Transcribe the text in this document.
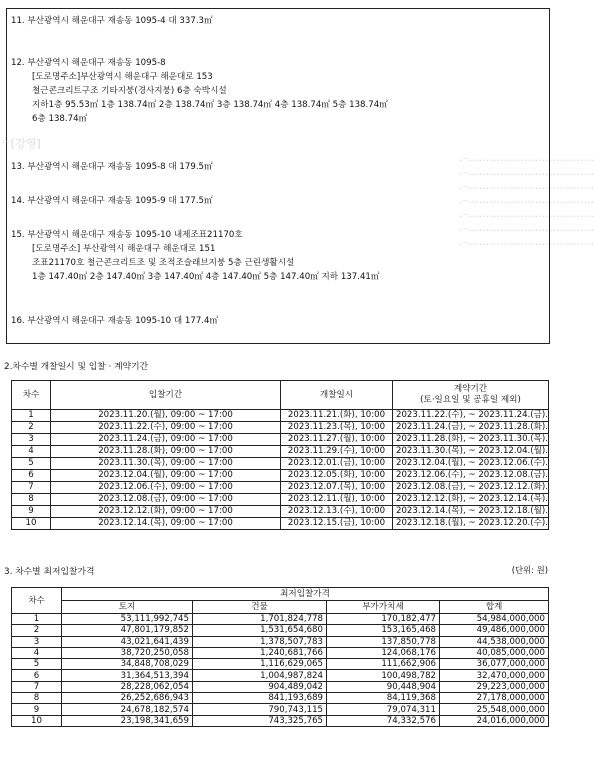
11. 부산광역시 해운대구 재송동 1095-4 대 337.3㎡
12. 부산광역시 해운대구 재송동 1095-8
[도로명주소]부산광역시 해운대구 해운대로 153
철근콘크리트구조 기타지붕(경사지붕) 6층 숙박시설
지하1층 95.53㎡ 1층 138.74㎡ 2층 138.74㎡ 3층 138.74㎡ 4층 138.74㎡ 5층 138.74㎡
6층 138.74㎡
13. 부산광역시 해운대구 재송동 1095-8 대 179.5㎡
14. 부산광역시 해운대구 재송동 1095-9 대 177.5㎡
15. 부산광역시 해운대구 재송동 1095-10 내제조표21170호
[도로명주소] 부산광역시 해운대구 해운대로 151
조표21170호 철근콘크리트조 및 조적조슬래브지붕 5층 근린생활시설
1층 147.40㎡ 2층 147.40㎡ 3층 147.40㎡ 4층 147.40㎡ 5층 147.40㎡ 지하 137.41㎡
16. 부산광역시 해운대구 재송동 1095-10 대 177.4㎡
⁻[강영]
·⁻····································
·⁻····································
·⁻····································
·⁻····································
·⁻····································
·⁻····································
·⁻····································
2.차수별 개찰일시 및 입찰 · 계약기간
차수	입찰기간	개찰일시	계약기간
(토·일요일 및 공휴일 제외)
1	2023.11.20.(월), 09:00 ~ 17:00	2023.11.21.(화), 10:00	2023.11.22.(수), ~ 2023.11.24.(금).
2	2023.11.22.(수), 09:00 ~ 17:00	2023.11.23.(목), 10:00	2023.11.24.(금), ~ 2023.11.28.(화).
3	2023.11.24.(금), 09:00 ~ 17:00	2023.11.27.(월), 10:00	2023.11.28.(화), ~ 2023.11.30.(목).
4	2023.11.28.(화), 09:00 ~ 17:00	2023.11.29.(수), 10:00	2023.11.30.(목), ~ 2023.12.04.(월).
5	2023.11.30.(목), 09:00 ~ 17:00	2023.12.01.(금), 10:00	2023.12.04.(월), ~ 2023.12.06.(수).
6	2023.12.04.(월), 09:00 ~ 17:00	2023.12.05.(화), 10:00	2023.12.06.(수), ~ 2023.12.08.(금).
7	2023.12.06.(수), 09:00 ~ 17:00	2023.12.07.(목), 10:00	2023.12.08.(금), ~ 2023.12.12.(화).
8	2023.12.08.(금), 09:00 ~ 17:00	2023.12.11.(월), 10:00	2023.12.12.(화), ~ 2023.12.14.(목).
9	2023.12.12.(화), 09:00 ~ 17:00	2023.12.13.(수), 10:00	2023.12.14.(목), ~ 2023.12.18.(월).
10	2023.12.14.(목), 09:00 ~ 17:00	2023.12.15.(금), 10:00	2023.12.18.(월), ~ 2023.12.20.(수).
3. 차수별 최저입찰가격	(단위: 원)
차수	최저입찰가격			
	토지	건물	부가가치세	합계
1	53,111,992,745	1,701,824,778	170,182,477	54,984,000,000
2	47,801,179,852	1,531,654,680	153,165,468	49,486,000,000
3	43,021,641,439	1,378,507,783	137,850,778	44,538,000,000
4	38,720,250,058	1,240,681,766	124,068,176	40,085,000,000
5	34,848,708,029	1,116,629,065	111,662,906	36,077,000,000
6	31,364,513,394	1,004,987,824	100,498,782	32,470,000,000
7	28,228,062,054	904,489,042	90,448,904	29,223,000,000
8	26,252,686,943	841,193,689	84,119,368	27,178,000,000
9	24,678,182,574	790,743,115	79,074,311	25,548,000,000
10	23,198,341,659	743,325,765	74,332,576	24,016,000,000
